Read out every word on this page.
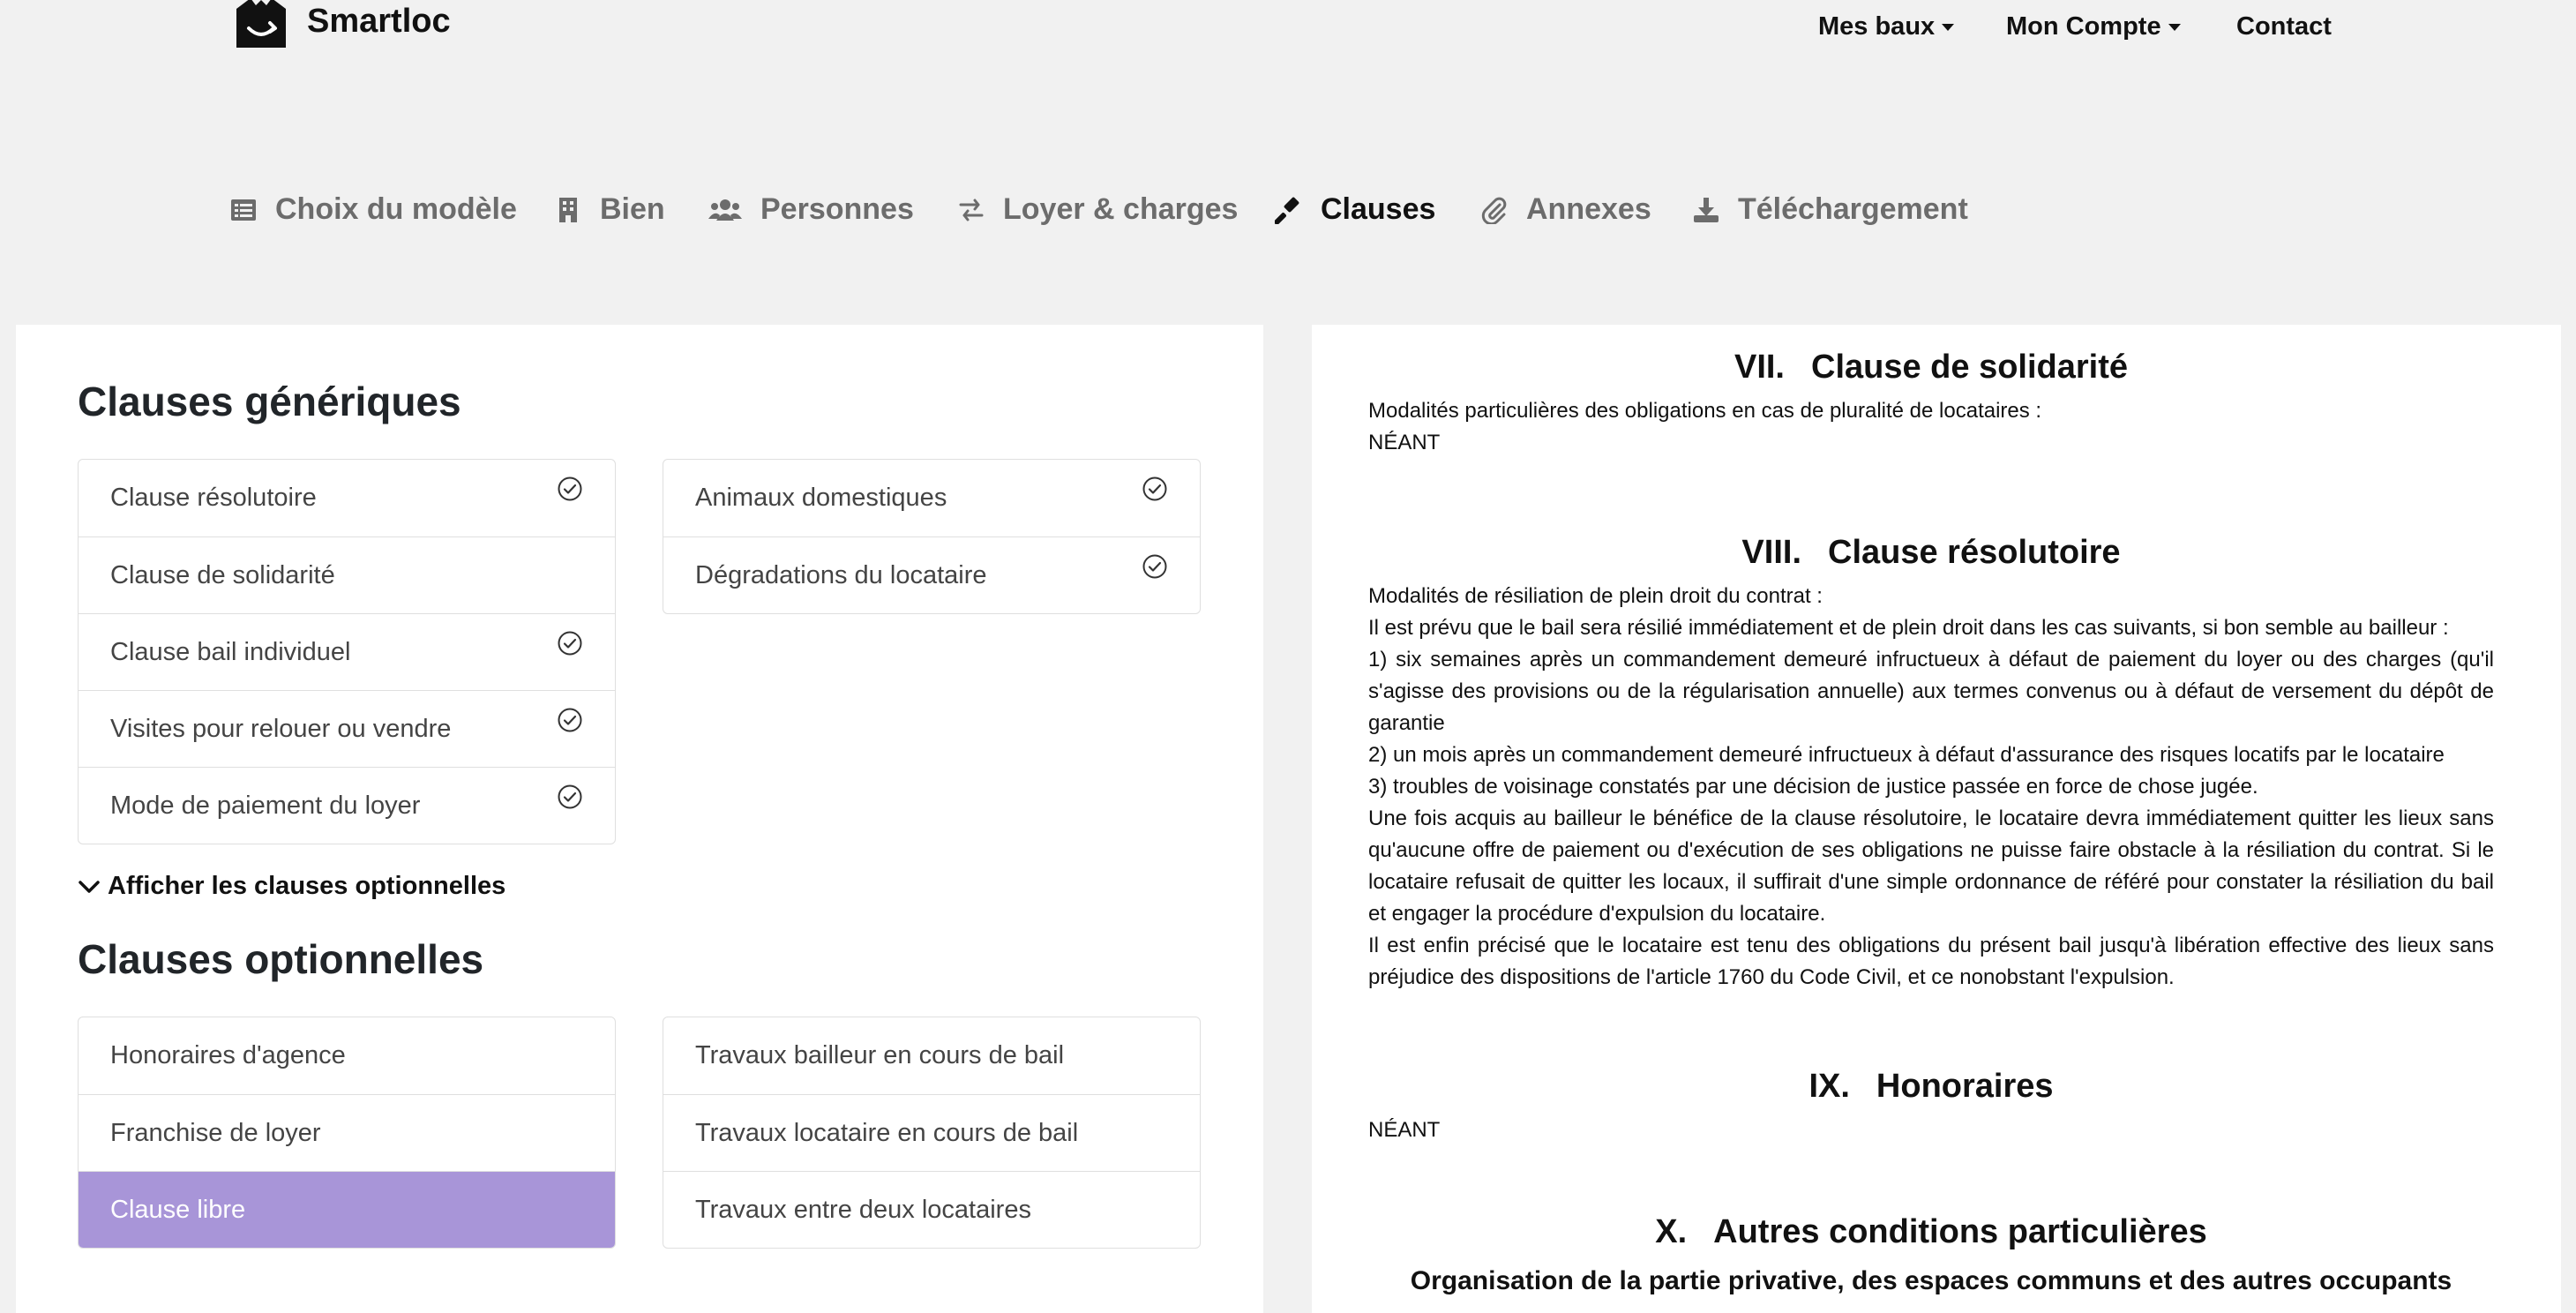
Smartloc	Mes baux	Mon Compte	Contact
Choix du modèle	Bien	Personnes	Loyer & charges	Clauses	Annexes	Téléchargement
Clauses génériques
Clause résolutoire
Clause de solidarité
Clause bail individuel
Visites pour relouer ou vendre
Mode de paiement du loyer
Animaux domestiques
Dégradations du locataire
Afficher les clauses optionnelles
Clauses optionnelles
Honoraires d'agence
Franchise de loyer
Clause libre
Travaux bailleur en cours de bail
Travaux locataire en cours de bail
Travaux entre deux locataires
VII. Clause de solidarité

Modalités particulières des obligations en cas de pluralité de locataires :

NÉANT

VIII. Clause résolutoire

Modalités de résiliation de plein droit du contrat :

Il est prévu que le bail sera résilié immédiatement et de plein droit dans les cas suivants, si bon semble au bailleur :

1) six semaines après un commandement demeuré infructueux à défaut de paiement du loyer ou des charges (qu'il s'agisse des provisions ou de la régularisation annuelle) aux termes convenus ou à défaut de versement du dépôt de garantie

2) un mois après un commandement demeuré infructueux à défaut d'assurance des risques locatifs par le locataire

3) troubles de voisinage constatés par une décision de justice passée en force de chose jugée.

Une fois acquis au bailleur le bénéfice de la clause résolutoire, le locataire devra immédiatement quitter les lieux sans qu'aucune offre de paiement ou d'exécution de ses obligations ne puisse faire obstacle à la résiliation du contrat. Si le locataire refusait de quitter les locaux, il suffirait d'une simple ordonnance de référé pour constater la résiliation du bail et engager la procédure d'expulsion du locataire.

Il est enfin précisé que le locataire est tenu des obligations du présent bail jusqu'à libération effective des lieux sans préjudice des dispositions de l'article 1760 du Code Civil, et ce nonobstant l'expulsion.

IX. Honoraires

NÉANT

X. Autres conditions particulières
Organisation de la partie privative, des espaces communs et des autres occupants
